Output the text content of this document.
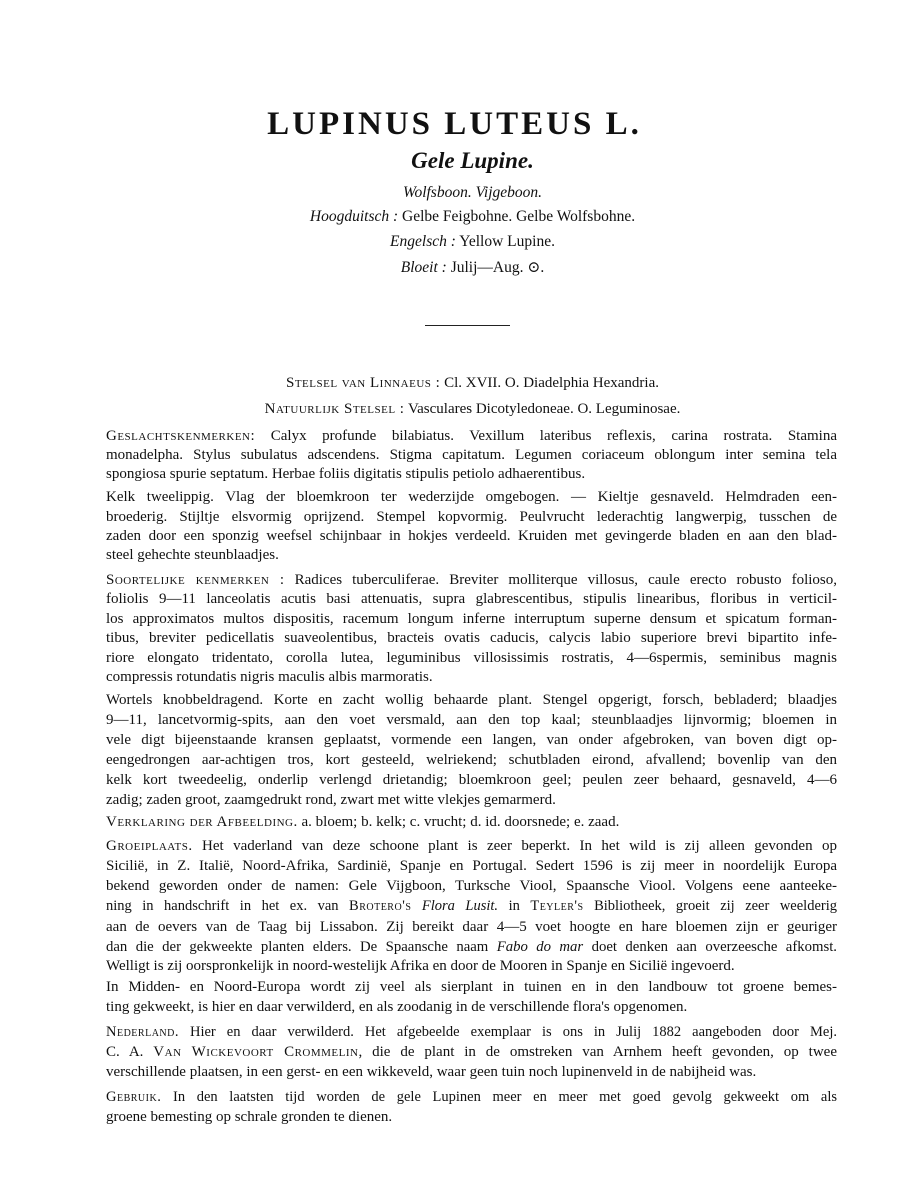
LUPINUS LUTEUS L.
Gele Lupine.
Wolfsboon. Vijgeboon.
Hoogduitsch : Gelbe Feigbohne. Gelbe Wolfsbohne.
Engelsch : Yellow Lupine.
Bloeit : Julij—Aug. ⊙.
Stelsel van Linnaeus : Cl. XVII. O. Diadelphia Hexandria.
Natuurlijk Stelsel : Vasculares Dicotyledoneae. O. Leguminosae.
Geslachtskenmerken: Calyx profunde bilabiatus. Vexillum lateribus reflexis, carina rostrata. Stamina
monadelpha. Stylus subulatus adscendens. Stigma capitatum. Legumen coriaceum oblongum inter semina tela
spongiosa spurie septatum. Herbae foliis digitatis stipulis petiolo adhaerentibus.
Kelk tweelippig. Vlag der bloemkroon ter wederzijde omgebogen. — Kieltje gesnaveld. Helmdraden een-
broederig. Stijltje elsvormig oprijzend. Stempel kopvormig. Peulvrucht lederachtig langwerpig, tusschen de
zaden door een sponzig weefsel schijnbaar in hokjes verdeeld. Kruiden met gevingerde bladen en aan den blad-
steel gehechte steunblaadjes.
Soortelijke kenmerken : Radices tuberculiferae. Breviter molliterque villosus, caule erecto robusto folioso,
foliolis 9—11 lanceolatis acutis basi attenuatis, supra glabrescentibus, stipulis linearibus, floribus in verticil-
los approximatos multos dispositis, racemum longum inferne interruptum superne densum et spicatum forman-
tibus, breviter pedicellatis suaveolentibus, bracteis ovatis caducis, calycis labio superiore brevi bipartito infe-
riore elongato tridentato, corolla lutea, leguminibus villosissimis rostratis, 4—6spermis, seminibus magnis
compressis rotundatis nigris maculis albis marmoratis.
Wortels knobbeldragend. Korte en zacht wollig behaarde plant. Stengel opgerigt, forsch, bebladerd; blaadjes
9—11, lancetvormig-spits, aan den voet versmald, aan den top kaal; steunblaadjes lijnvormig; bloemen in
vele digt bijeenstaande kransen geplaatst, vormende een langen, van onder afgebroken, van boven digt op-
eengedrongen aar-achtigen tros, kort gesteeld, welriekend; schutbladen eirond, afvallend; bovenlip van den
kelk kort tweedeelig, onderlip verlengd drietandig; bloemkroon geel; peulen zeer behaard, gesnaveld, 4—6
zadig; zaden groot, zaamgedrukt rond, zwart met witte vlekjes gemarmerd.
Verklaring der Afbeelding. a. bloem; b. kelk; c. vrucht; d. id. doorsnede; e. zaad.
Groeiplaats. Het vaderland van deze schoone plant is zeer beperkt. In het wild is zij alleen gevonden op
Sicilië, in Z. Italië, Noord-Afrika, Sardinië, Spanje en Portugal. Sedert 1596 is zij meer in noordelijk Europa
bekend geworden onder de namen: Gele Vijgboon, Turksche Viool, Spaansche Viool. Volgens eene aanteeke-
ning in handschrift in het ex. van Brotero's Flora Lusit. in Teyler's Bibliotheek, groeit zij zeer weelderig
aan de oevers van de Taag bij Lissabon. Zij bereikt daar 4—5 voet hoogte en hare bloemen zijn er geuriger
dan die der gekweekte planten elders. De Spaansche naam Fabo do mar doet denken aan overzeesche afkomst.
Welligt is zij oorspronkelijk in noord-westelijk Afrika en door de Mooren in Spanje en Sicilië ingevoerd.
In Midden- en Noord-Europa wordt zij veel als sierplant in tuinen en in den landbouw tot groene bemes-
ting gekweekt, is hier en daar verwilderd, en als zoodanig in de verschillende flora's opgenomen.
Nederland. Hier en daar verwilderd. Het afgebeelde exemplaar is ons in Julij 1882 aangeboden door Mej.
C. A. Van Wickevoort Crommelin, die de plant in de omstreken van Arnhem heeft gevonden, op twee
verschillende plaatsen, in een gerst- en een wikkeveld, waar geen tuin noch lupinenveld in de nabijheid was.
Gebruik. In den laatsten tijd worden de gele Lupinen meer en meer met goed gevolg gekweekt om als
groene bemesting op schrale gronden te dienen.
